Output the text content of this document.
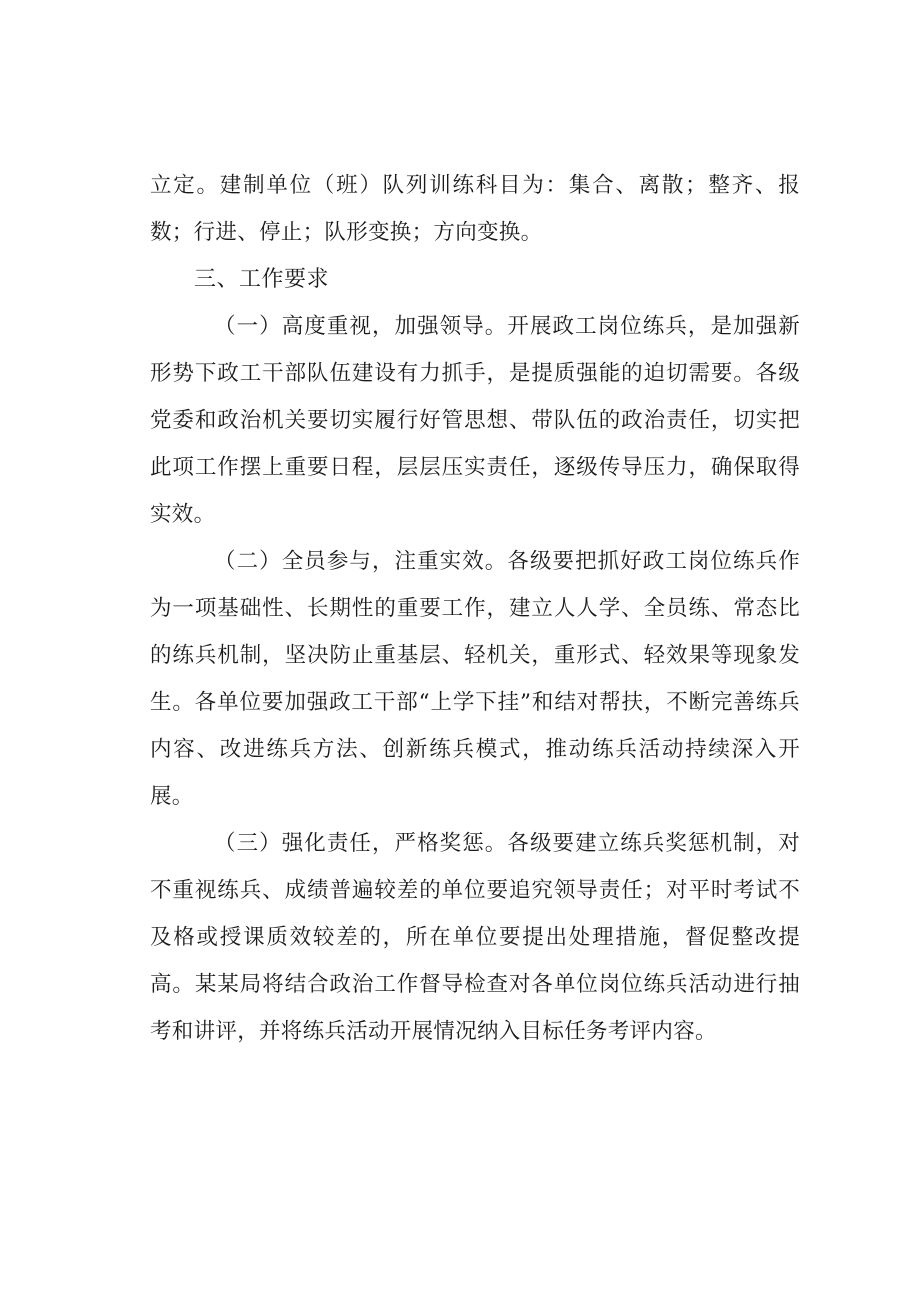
立定。建制单位（班）队列训练科目为：集合、离散；整齐、报数；行进、停止；队形变换；方向变换。

三、工作要求

（一）高度重视，加强领导。开展政工岗位练兵，是加强新形势下政工干部队伍建设有力抓手，是提质强能的迫切需要。各级党委和政治机关要切实履行好管思想、带队伍的政治责任，切实把此项工作摆上重要日程，层层压实责任，逐级传导压力，确保取得实效。

（二）全员参与，注重实效。各级要把抓好政工岗位练兵作为一项基础性、长期性的重要工作，建立人人学、全员练、常态比的练兵机制，坚决防止重基层、轻机关，重形式、轻效果等现象发生。各单位要加强政工干部“上学下挂”和结对帮扶，不断完善练兵内容、改进练兵方法、创新练兵模式，推动练兵活动持续深入开展。

（三）强化责任，严格奖惩。各级要建立练兵奖惩机制，对不重视练兵、成绩普遍较差的单位要追究领导责任；对平时考试不及格或授课质效较差的，所在单位要提出处理措施，督促整改提高。某某局将结合政治工作督导检查对各单位岗位练兵活动进行抽考和讲评，并将练兵活动开展情况纳入目标任务考评内容。
